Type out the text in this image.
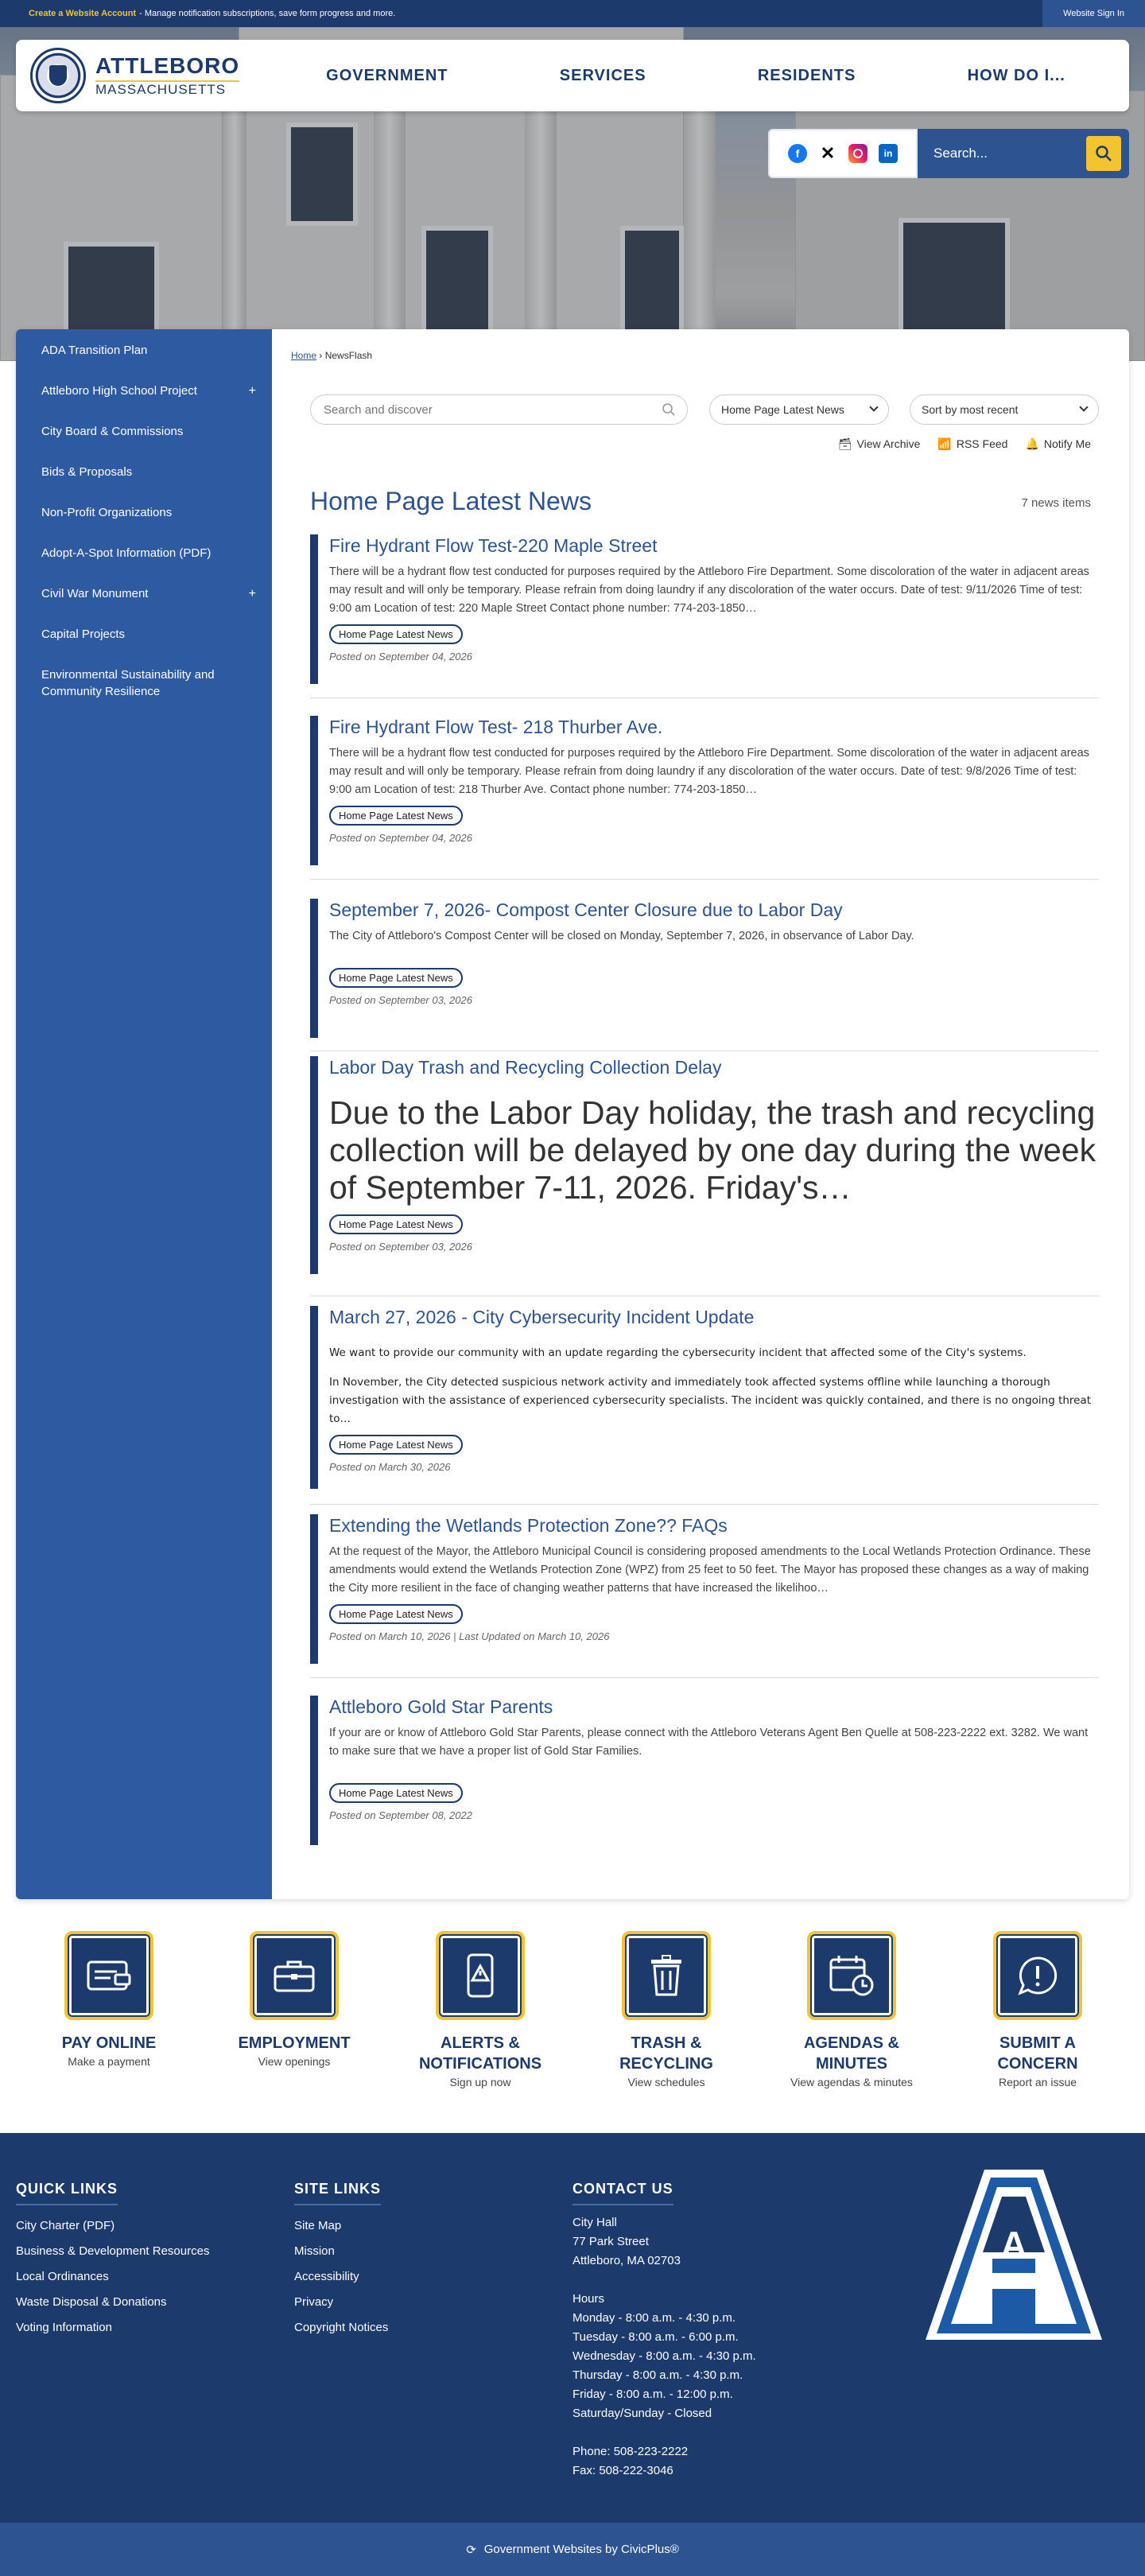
Create a Website Account - Manage notification subscriptions, save form progress and more.	Website Sign In
ATTLEBORO
MASSACHUSETTS
GOVERNMENT	SERVICES	RESIDENTS	HOW DO I...
f	✕	in	Search...
ADA Transition Plan
Attleboro High School Project	+
City Board & Commissions
Bids & Proposals
Non-Profit Organizations
Adopt-A-Spot Information (PDF)
Civil War Monument	+
Capital Projects
Environmental Sustainability and Community Resilience
Home › NewsFlash
Search and discover	Home Page Latest News	Sort by most recent
🗃 View Archive 📶 RSS Feed 🔔 Notify Me
Home Page Latest News	7 news items
Fire Hydrant Flow Test-220 Maple Street
There will be a hydrant flow test conducted for purposes required by the Attleboro Fire Department. Some discoloration of the water in adjacent areas may result and will only be temporary. Please refrain from doing laundry if any discoloration of the water occurs. Date of test: 9/11/2026 Time of test: 9:00 am Location of test: 220 Maple Street Contact phone number: 774-203-1850…
Home Page Latest News
Posted on September 04, 2026
Fire Hydrant Flow Test- 218 Thurber Ave.
There will be a hydrant flow test conducted for purposes required by the Attleboro Fire Department. Some discoloration of the water in adjacent areas may result and will only be temporary. Please refrain from doing laundry if any discoloration of the water occurs. Date of test: 9/8/2026 Time of test: 9:00 am Location of test: 218 Thurber Ave. Contact phone number: 774-203-1850…
Home Page Latest News
Posted on September 04, 2026
September 7, 2026- Compost Center Closure due to Labor Day
The City of Attleboro's Compost Center will be closed on Monday, September 7, 2026, in observance of Labor Day.
Home Page Latest News
Posted on September 03, 2026
Labor Day Trash and Recycling Collection Delay
Due to the Labor Day holiday, the trash and recycling collection will be delayed by one day during the week of September 7-11, 2026. Friday's…
Home Page Latest News
Posted on September 03, 2026
March 27, 2026 - City Cybersecurity Incident Update
We want to provide our community with an update regarding the cybersecurity incident that affected some of the City's systems.
In November, the City detected suspicious network activity and immediately took affected systems offline while launching a thorough investigation with the assistance of experienced cybersecurity specialists. The incident was quickly contained, and there is no ongoing threat to…
Home Page Latest News
Posted on March 30, 2026
Extending the Wetlands Protection Zone?? FAQs
At the request of the Mayor, the Attleboro Municipal Council is considering proposed amendments to the Local Wetlands Protection Ordinance. These amendments would extend the Wetlands Protection Zone (WPZ) from 25 feet to 50 feet. The Mayor has proposed these changes as a way of making the City more resilient in the face of changing weather patterns that have increased the likelihoo…
Home Page Latest News
Posted on March 10, 2026 | Last Updated on March 10, 2026
Attleboro Gold Star Parents
If your are or know of Attleboro Gold Star Parents, please connect with the Attleboro Veterans Agent Ben Quelle at 508-223-2222 ext. 3282. We want to make sure that we have a proper list of Gold Star Families.
Home Page Latest News
Posted on September 08, 2022
PAY ONLINE
Make a payment
EMPLOYMENT
View openings
ALERTS & NOTIFICATIONS
Sign up now
TRASH & RECYCLING
View schedules
AGENDAS & MINUTES
View agendas & minutes
SUBMIT A CONCERN
Report an issue
QUICK LINKS
City Charter (PDF)
Business & Development Resources
Local Ordinances
Waste Disposal & Donations
Voting Information
SITE LINKS
Site Map
Mission
Accessibility
Privacy
Copyright Notices
CONTACT US
City Hall
77 Park Street
Attleboro, MA 02703
Hours
Monday - 8:00 a.m. - 4:30 p.m.
Tuesday - 8:00 a.m. - 6:00 p.m.
Wednesday - 8:00 a.m. - 4:30 p.m.
Thursday - 8:00 a.m. - 4:30 p.m.
Friday - 8:00 a.m. - 12:00 p.m.
Saturday/Sunday - Closed
Phone: 508-223-2222
Fax: 508-222-3046
A
⟳ Government Websites by CivicPlus®
